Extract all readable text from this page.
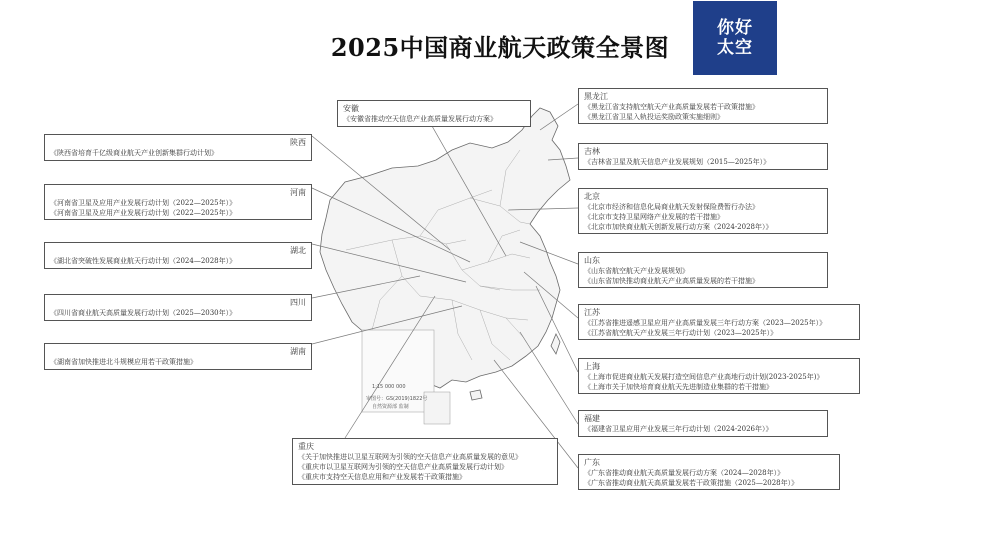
2025中国商业航天政策全景图
你好
太空
1:15 000 000
审图号：GS(2019)1822号
自然资源部 监制
陕西
《陕西省培育千亿级商业航天产业创新集群行动计划》
河南
《河南省卫星及应用产业发展行动计划（2022—2025年）》
《河南省卫星及应用产业发展行动计划（2022—2025年）》
湖北
《湖北省突破性发展商业航天行动计划（2024—2028年）》
四川
《四川省商业航天高质量发展行动计划（2025—2030年）》
湖南
《湖南省加快推进北斗规模应用若干政策措施》
安徽
《安徽省推动空天信息产业高质量发展行动方案》
重庆
《关于加快推进以卫星互联网为引领的空天信息产业高质量发展的意见》
《重庆市以卫星互联网为引领的空天信息产业高质量发展行动计划》
《重庆市支持空天信息应用和产业发展若干政策措施》
黑龙江
《黑龙江省支持航空航天产业高质量发展若干政策措施》
《黑龙江省卫星入轨投运奖励政策实施细则》
吉林
《吉林省卫星及航天信息产业发展规划（2015—2025年）》
北京
《北京市经济和信息化局商业航天发射保险费暂行办法》
《北京市支持卫星网络产业发展的若干措施》
《北京市加快商业航天创新发展行动方案（2024-2028年）》
山东
《山东省航空航天产业发展规划》
《山东省加快推动商业航天产业高质量发展的若干措施》
江苏
《江苏省推进遥感卫星应用产业高质量发展三年行动方案（2023—2025年）》
《江苏省航空航天产业发展三年行动计划（2023—2025年）》
上海
《上海市促进商业航天发展打造空间信息产业高地行动计划(2023-2025年)》
《上海市关于加快培育商业航天先进制造业集群的若干措施》
福建
《福建省卫星应用产业发展三年行动计划（2024-2026年）》
广东
《广东省推动商业航天高质量发展行动方案（2024—2028年）》
《广东省推动商业航天高质量发展若干政策措施（2025—2028年）》
